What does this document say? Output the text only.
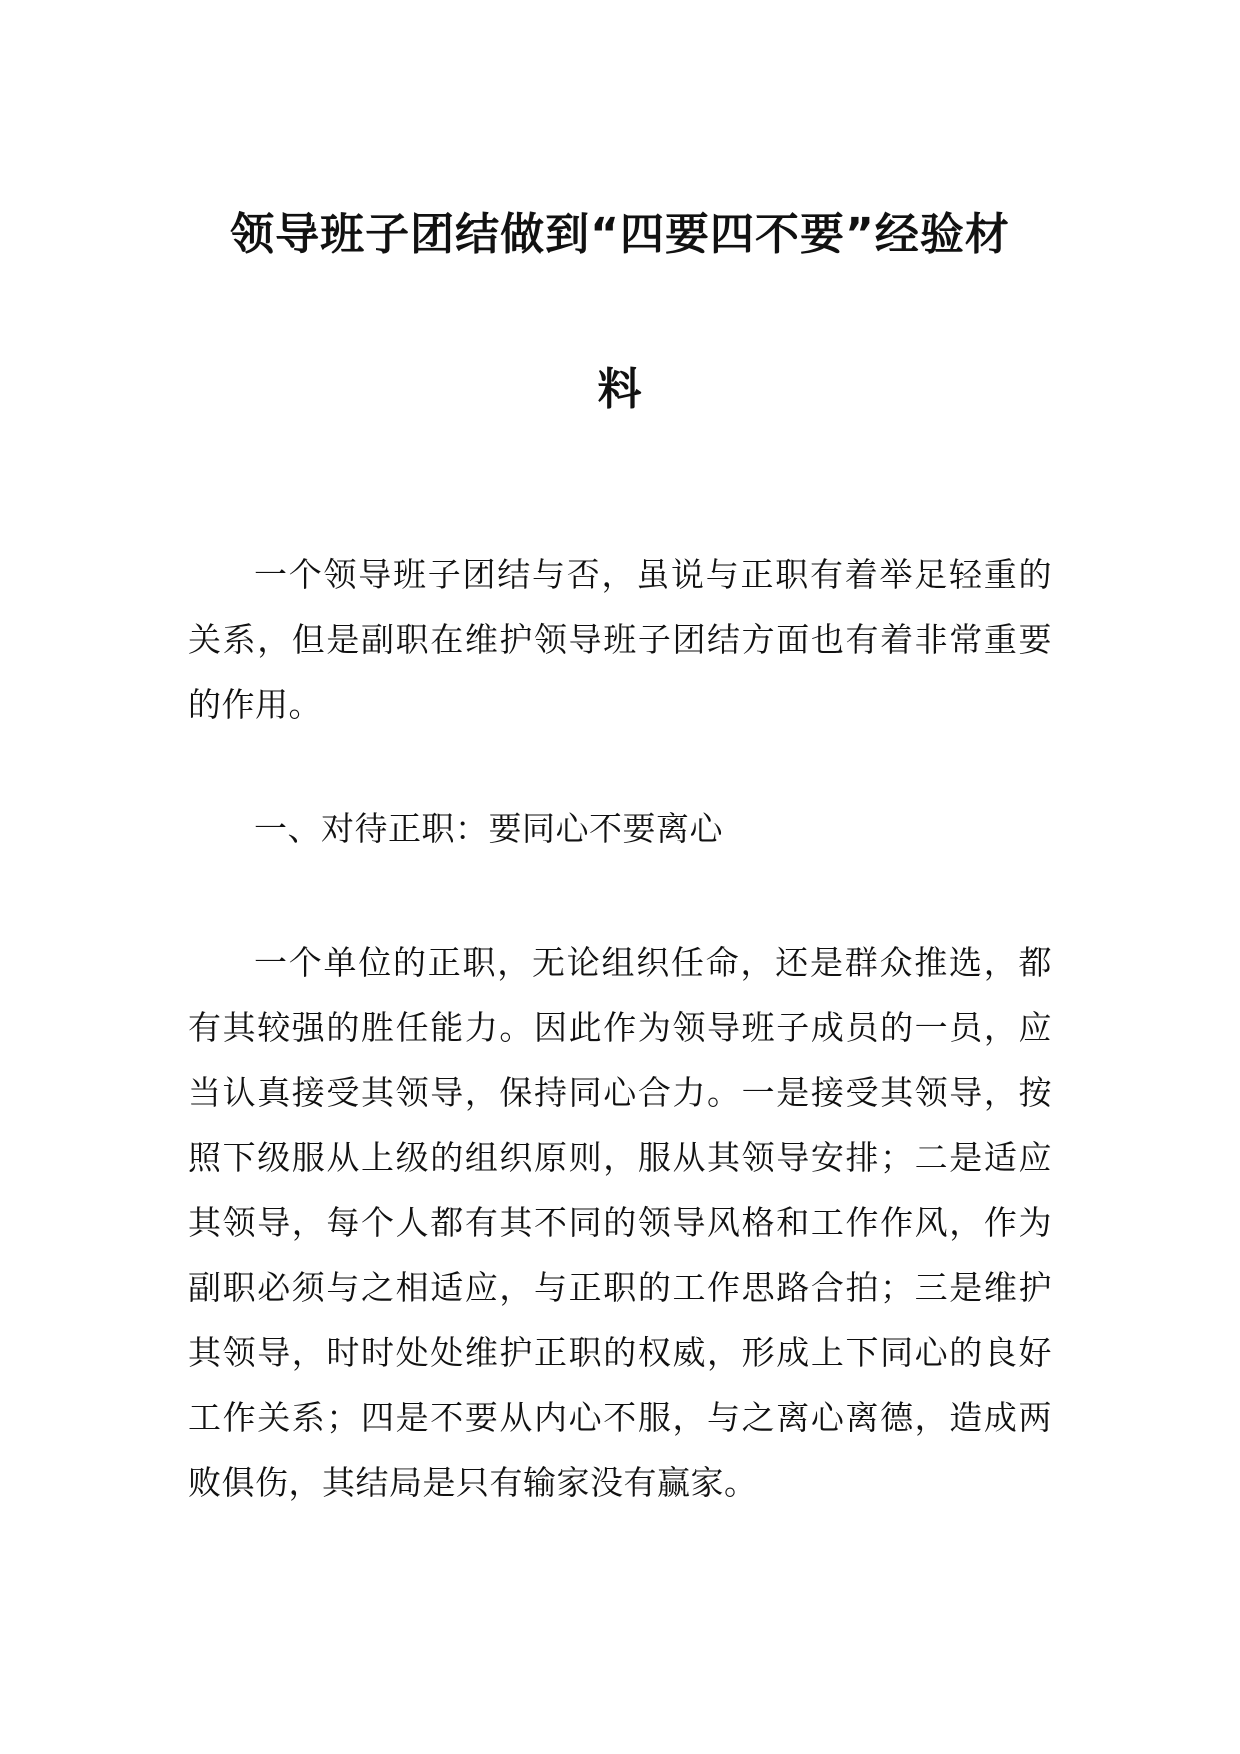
领导班子团结做到“四要四不要”经验材
料

一个领导班子团结与否，虽说与正职有着举足轻重的关系，但是副职在维护领导班子团结方面也有着非常重要的作用。

一、对待正职：要同心不要离心

一个单位的正职，无论组织任命，还是群众推选，都有其较强的胜任能力。因此作为领导班子成员的一员，应当认真接受其领导，保持同心合力。一是接受其领导，按照下级服从上级的组织原则，服从其领导安排；二是适应其领导，每个人都有其不同的领导风格和工作作风，作为副职必须与之相适应，与正职的工作思路合拍；三是维护其领导，时时处处维护正职的权威，形成上下同心的良好工作关系；四是不要从内心不服，与之离心离德，造成两败俱伤，其结局是只有输家没有赢家。
